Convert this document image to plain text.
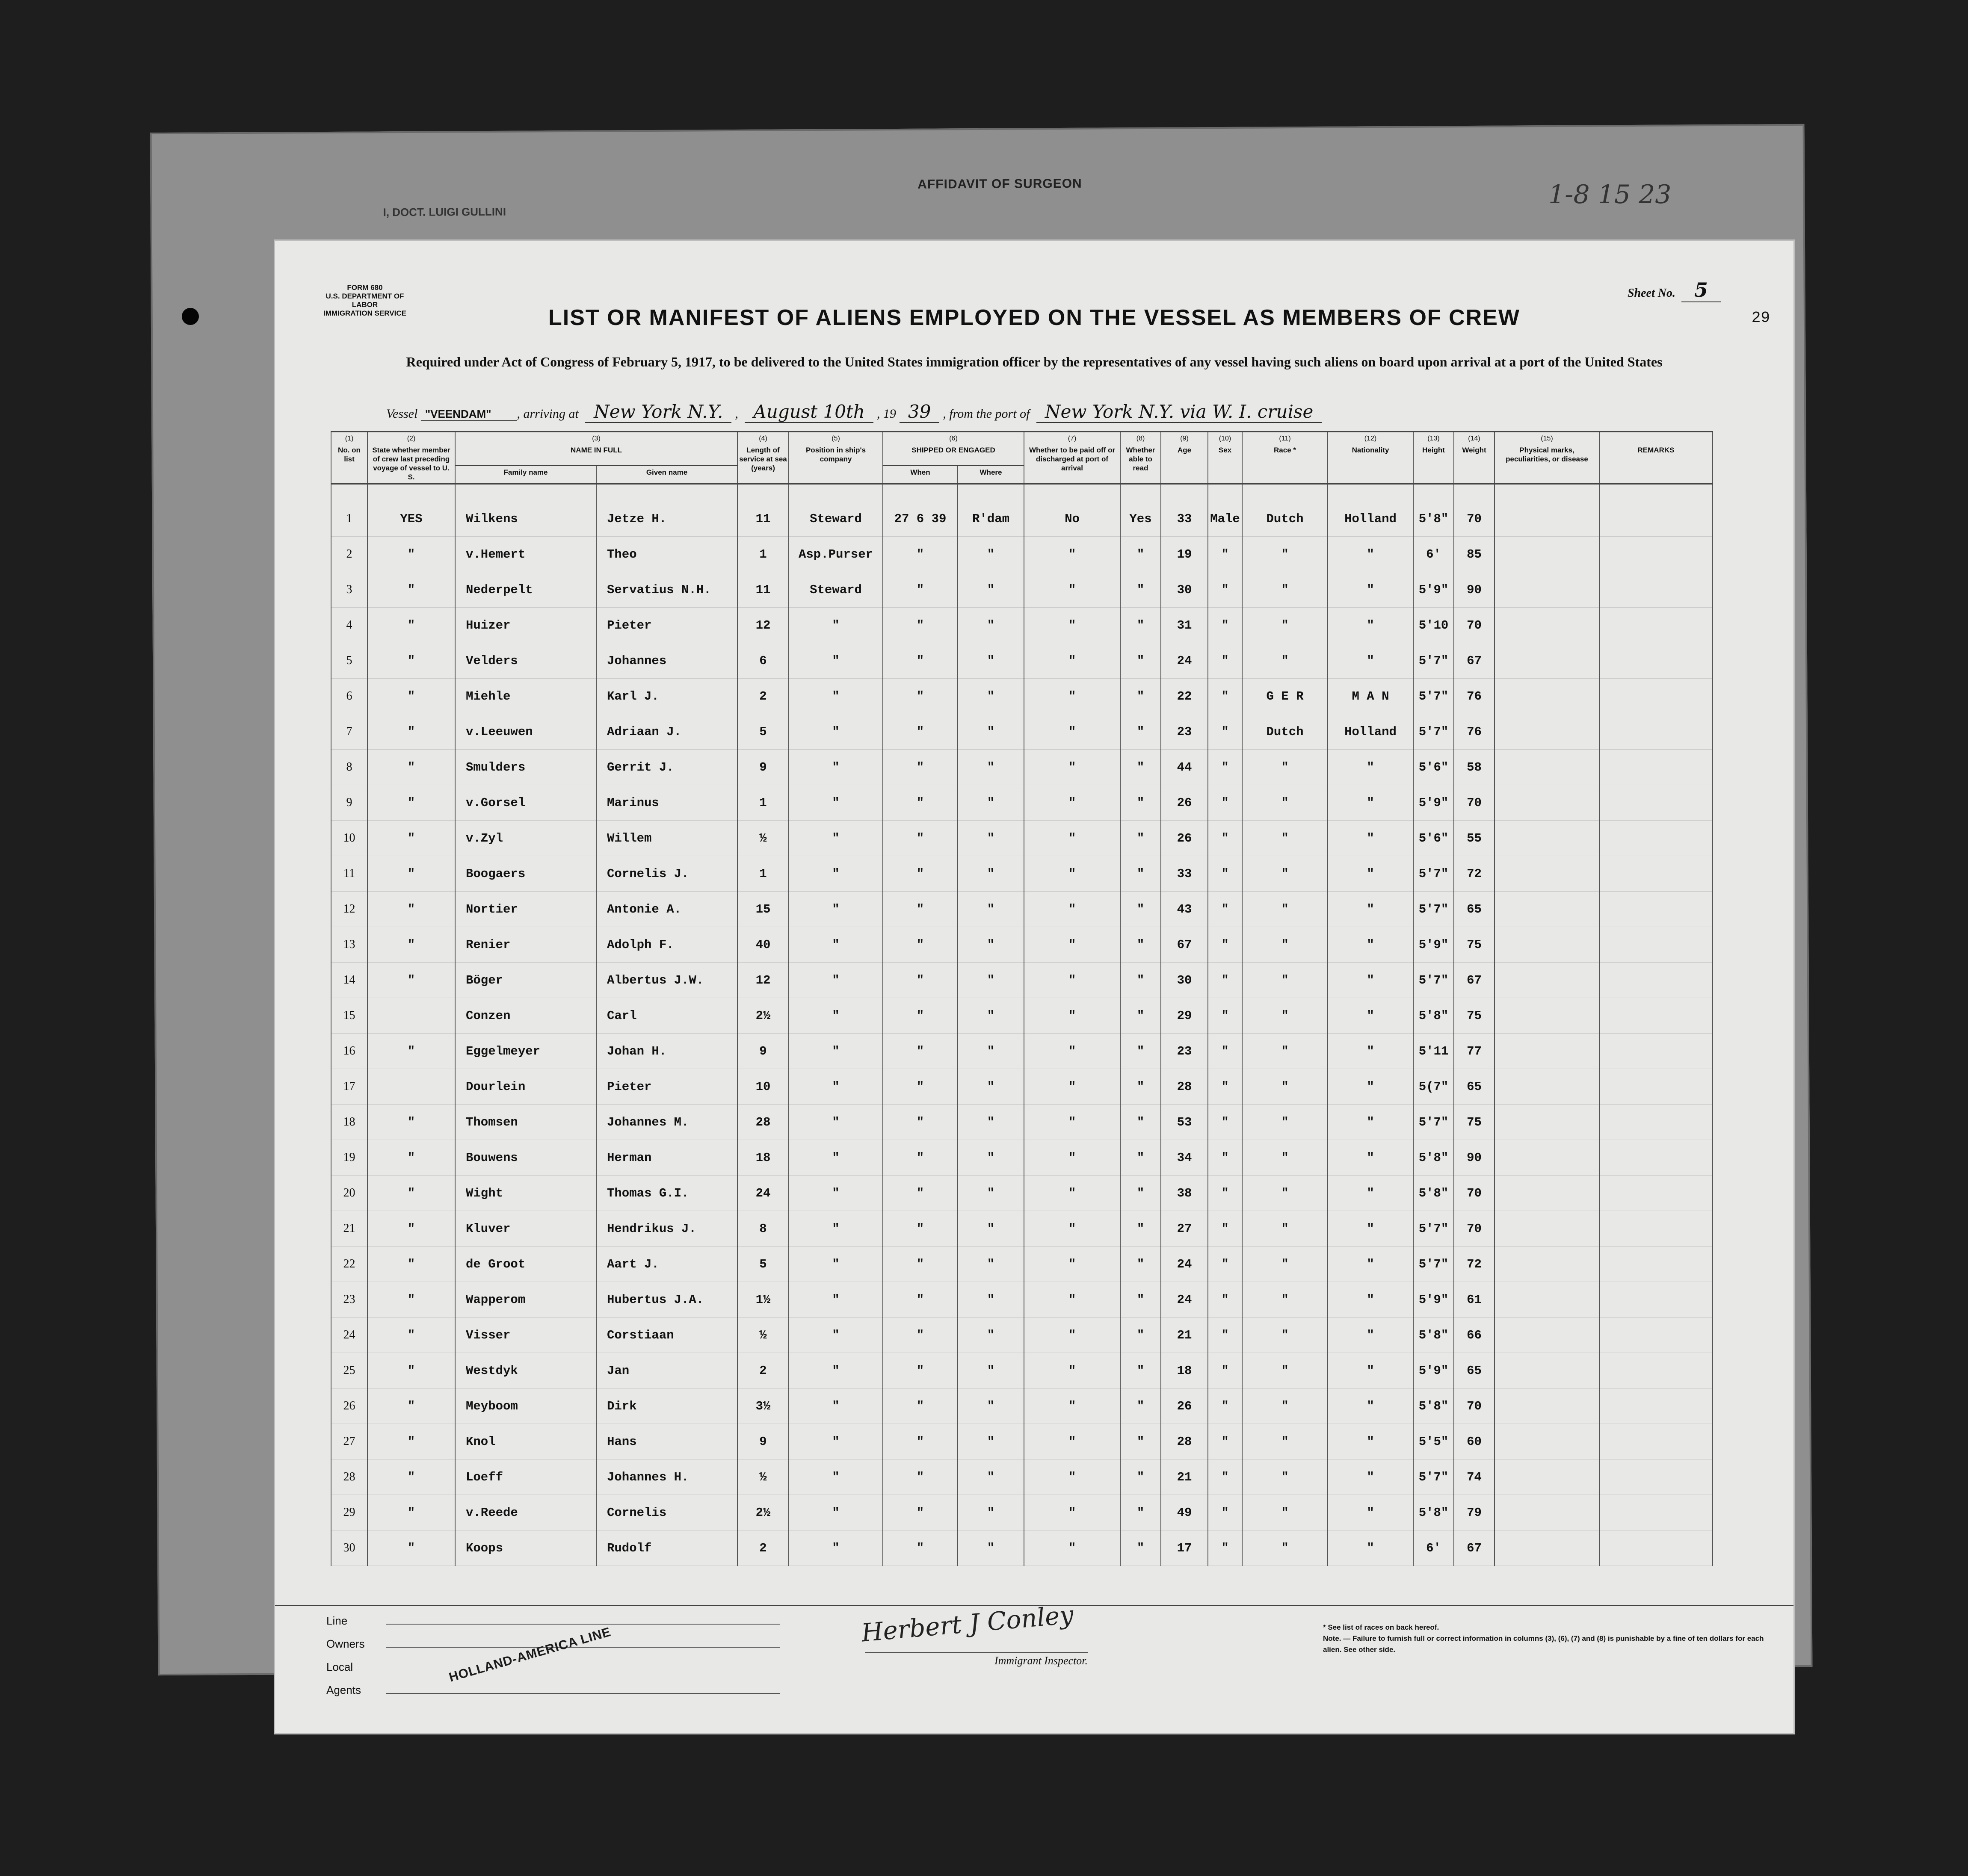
AFFIDAVIT OF SURGEON
I, DOCT. LUIGI GULLINI
1-8 15 23
FORM 680
U.S. DEPARTMENT OF LABOR
IMMIGRATION SERVICE
Sheet No. 5
29
LIST OR MANIFEST OF ALIENS EMPLOYED ON THE VESSEL AS MEMBERS OF CREW
Required under Act of Congress of February 5, 1917, to be delivered to the United States immigration officer by the representatives of any vessel having such aliens on board upon arrival at a port of the United States
Vessel "VEENDAM" , arriving at New York N.Y. , August 10th , 19 39 , from the port of New York N.Y. via W. I. cruise
(1)
No. on list	(2)
State whether member of crew last preceding voyage of vessel to U. S.	(3)
NAME IN FULL		(4)
Length of service at sea (years)	(5)
Position in ship's company	(6)
SHIPPED OR ENGAGED		(7)
Whether to be paid off or discharged at port of arrival	(8)
Whether able to read	(9)
Age	(10)
Sex	(11)
Race *	(12)
Nationality	(13)
Height	(14)
Weight	(15)
Physical marks, peculiarities, or disease	REMARKS
		Family name	Given name			When	Where										
1	YES	Wilkens	Jetze H.	11	Steward	27 6 39	R'dam	No	Yes	33	Male	Dutch	Holland	5'8"	70		
2	"	v.Hemert	Theo	1	Asp.Purser	"	"	"	"	19	"	"	"	6'	85		
3	"	Nederpelt	Servatius N.H.	11	Steward	"	"	"	"	30	"	"	"	5'9"	90		
4	"	Huizer	Pieter	12	"	"	"	"	"	31	"	"	"	5'10	70		
5	"	Velders	Johannes	6	"	"	"	"	"	24	"	"	"	5'7"	67		
6	"	Miehle	Karl J.	2	"	"	"	"	"	22	"	G E R	M A N	5'7"	76		
7	"	v.Leeuwen	Adriaan J.	5	"	"	"	"	"	23	"	Dutch	Holland	5'7"	76		
8	"	Smulders	Gerrit J.	9	"	"	"	"	"	44	"	"	"	5'6"	58		
9	"	v.Gorsel	Marinus	1	"	"	"	"	"	26	"	"	"	5'9"	70		
10	"	v.Zyl	Willem	½	"	"	"	"	"	26	"	"	"	5'6"	55		
11	"	Boogaers	Cornelis J.	1	"	"	"	"	"	33	"	"	"	5'7"	72		
12	"	Nortier	Antonie A.	15	"	"	"	"	"	43	"	"	"	5'7"	65		
13	"	Renier	Adolph F.	40	"	"	"	"	"	67	"	"	"	5'9"	75		
14	"	Böger	Albertus J.W.	12	"	"	"	"	"	30	"	"	"	5'7"	67		
15		Conzen	Carl	2½	"	"	"	"	"	29	"	"	"	5'8"	75		
16	"	Eggelmeyer	Johan H.	9	"	"	"	"	"	23	"	"	"	5'11	77		
17		Dourlein	Pieter	10	"	"	"	"	"	28	"	"	"	5(7"	65		
18	"	Thomsen	Johannes M.	28	"	"	"	"	"	53	"	"	"	5'7"	75		
19	"	Bouwens	Herman	18	"	"	"	"	"	34	"	"	"	5'8"	90		
20	"	Wight	Thomas G.I.	24	"	"	"	"	"	38	"	"	"	5'8"	70		
21	"	Kluver	Hendrikus J.	8	"	"	"	"	"	27	"	"	"	5'7"	70		
22	"	de Groot	Aart J.	5	"	"	"	"	"	24	"	"	"	5'7"	72		
23	"	Wapperom	Hubertus J.A.	1½	"	"	"	"	"	24	"	"	"	5'9"	61		
24	"	Visser	Corstiaan	½	"	"	"	"	"	21	"	"	"	5'8"	66		
25	"	Westdyk	Jan	2	"	"	"	"	"	18	"	"	"	5'9"	65		
26	"	Meyboom	Dirk	3½	"	"	"	"	"	26	"	"	"	5'8"	70		
27	"	Knol	Hans	9	"	"	"	"	"	28	"	"	"	5'5"	60		
28	"	Loeff	Johannes H.	½	"	"	"	"	"	21	"	"	"	5'7"	74		
29	"	v.Reede	Cornelis	2½	"	"	"	"	"	49	"	"	"	5'8"	79		
30	"	Koops	Rudolf	2	"	"	"	"	"	17	"	"	"	6'	67		
Line
Owners
Local Agents
HOLLAND-AMERICA LINE
Herbert J Conley
Immigrant Inspector.
* See list of races on back hereof.
Note. — Failure to furnish full or correct information in columns (3), (6), (7) and (8) is punishable by a fine of ten dollars for each alien. See other side.
